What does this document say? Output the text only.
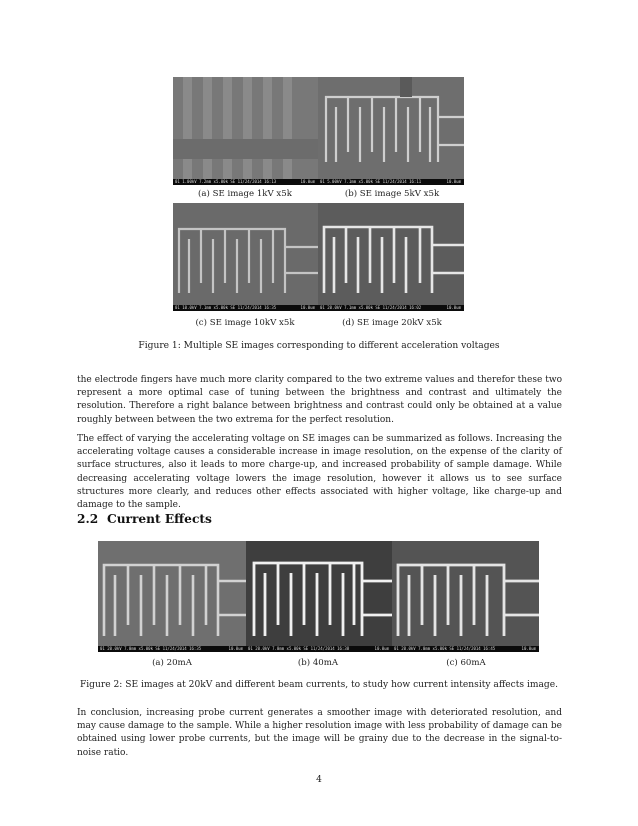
01 1.00kV 7.2mm x5.00k SE 11/24/2014 16:13	10.0um	01 5.00kV 7.1mm x5.00k SE 11/24/2014 16:11	10.0um
(a) SE image 1kV x5k	(b) SE image 5kV x5k
01 10.0kV 7.1mm x5.00k SE 11/24/2014 16:35	10.0um	01 20.0kV 7.1mm x5.00k SE 11/24/2014 16:02	10.0um
(c) SE image 10kV x5k	(d) SE image 20kV x5k
Figure 1: Multiple SE images corresponding to different acceleration voltages
the electrode fingers have much more clarity compared to the two extreme values and therefor these two represent a more optimal case of tuning between the brightness and contrast and ultimately the resolution. Therefore a right balance between brightness and contrast could only be obtained at a value roughly between between the two extrema for the perfect resolution.
The effect of varying the accelerating voltage on SE images can be summarized as follows. Increasing the accelerating voltage causes a considerable increase in image resolution, on the expense of the clarity of surface structures, also it leads to more charge-up, and increased probability of sample damage. While decreasing accelerating voltage lowers the image resolution, however it allows us to see surface structures more clearly, and reduces other effects associated with higher voltage, like charge-up and damage to the sample.
2.2 Current Effects
01 20.0kV 7.0mm x5.00k SE 11/24/2014 16:35	10.0um	01 20.0kV 7.0mm x5.00k SE 11/24/2014 16:38	10.0um	01 20.0kV 7.0mm x5.00k SE 11/24/2014 16:45	10.0um
(a) 20mA	(b) 40mA	(c) 60mA
Figure 2: SE images at 20kV and different beam currents, to study how current intensity affects image.
In conclusion, increasing probe current generates a smoother image with deteriorated resolution, and may cause damage to the sample. While a higher resolution image with less probability of damage can be obtained using lower probe currents, but the image will be grainy due to the decrease in the signal-to-noise ratio.
4
